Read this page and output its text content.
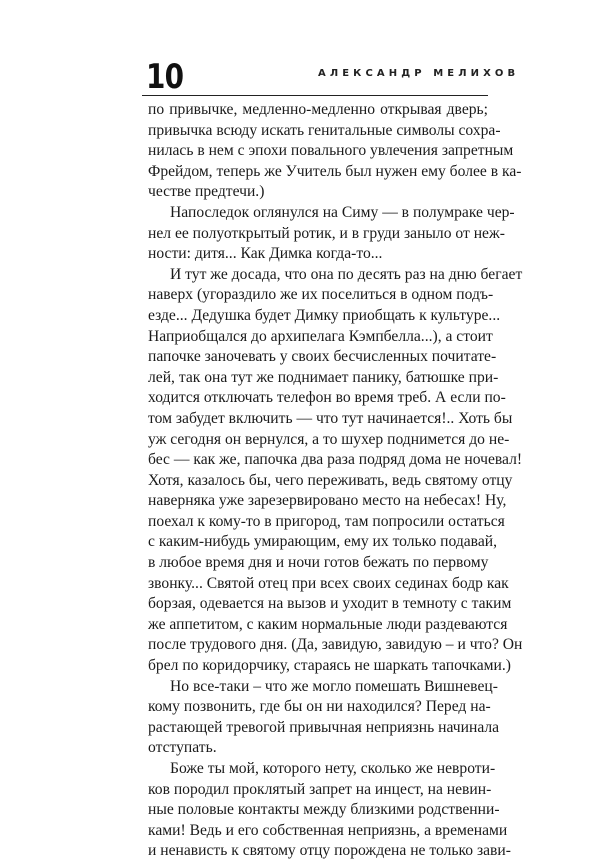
10	АЛЕКСАНДР МЕЛИХОВ
по привычке, медленно-медленно открывая дверь;
привычка всюду искать генитальные символы сохра-
нилась в нем с эпохи повального увлечения запретным
Фрейдом, теперь же Учитель был нужен ему более в ка-
честве предтечи.)
Напоследок оглянулся на Симу — в полумраке чер-
нел ее полуоткрытый ротик, и в груди заныло от неж-
ности: дитя... Как Димка когда-то...
И тут же досада, что она по десять раз на дню бегает
наверх (угораздило же их поселиться в одном подъ-
езде... Дедушка будет Димку приобщать к культуре...
Наприобщался до архипелага Кэмпбелла...), а стоит
папочке заночевать у своих бесчисленных почитате-
лей, так она тут же поднимает панику, батюшке при-
ходится отключать телефон во время треб. А если по-
том забудет включить — что тут начинается!.. Хоть бы
уж сегодня он вернулся, а то шухер поднимется до не-
бес — как же, папочка два раза подряд дома не ночевал!
Хотя, казалось бы, чего переживать, ведь святому отцу
наверняка уже зарезервировано место на небесах! Ну,
поехал к кому-то в пригород, там попросили остаться
с каким-нибудь умирающим, ему их только подавай,
в любое время дня и ночи готов бежать по первому
звонку... Святой отец при всех своих сединах бодр как
борзая, одевается на вызов и уходит в темноту с таким
же аппетитом, с каким нормальные люди раздеваются
после трудового дня. (Да, завидую, завидую – и что? Он
брел по коридорчику, стараясь не шаркать тапочками.)
Но все-таки – что же могло помешать Вишневец-
кому позвонить, где бы он ни находился? Перед на-
растающей тревогой привычная неприязнь начинала
отступать.
Боже ты мой, которого нету, сколько же невроти-
ков породил проклятый запрет на инцест, на невин-
ные половые контакты между близкими родственни-
ками! Ведь и его собственная неприязнь, а временами
и ненависть к святому отцу порождена не только зави-
